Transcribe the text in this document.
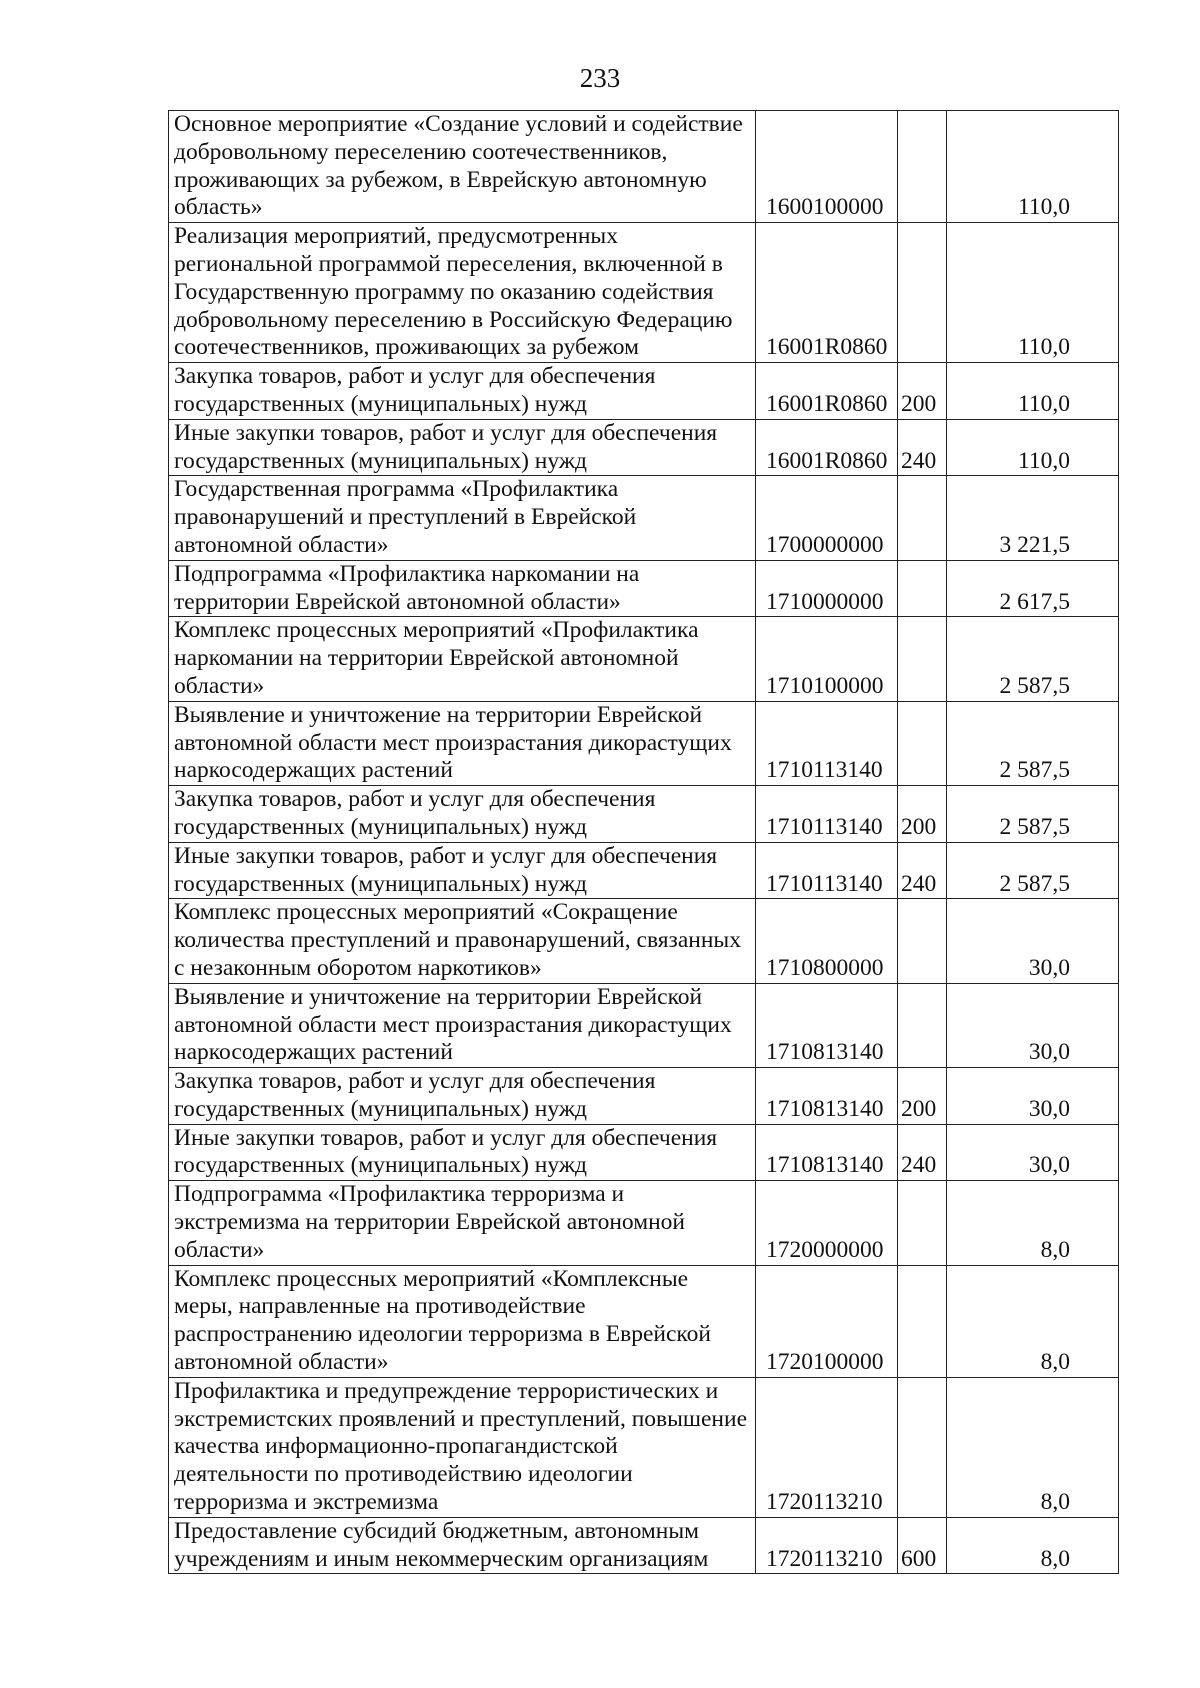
233
Основное мероприятие «Создание условий и содействие добровольному переселению соотечественников, проживающих за рубежом, в Еврейскую автономную область»	1600100000		110,0
Реализация мероприятий, предусмотренных региональной программой переселения, включенной в Государственную программу по оказанию содействия добровольному переселению в Российскую Федерацию соотечественников, проживающих за рубежом	16001R0860		110,0
Закупка товаров, работ и услуг для обеспечения государственных (муниципальных) нужд	16001R0860	200	110,0
Иные закупки товаров, работ и услуг для обеспечения государственных (муниципальных) нужд	16001R0860	240	110,0
Государственная программа «Профилактика правонарушений и преступлений в Еврейской автономной области»	1700000000		3 221,5
Подпрограмма «Профилактика наркомании на территории Еврейской автономной области»	1710000000		2 617,5
Комплекс процессных мероприятий «Профилактика наркомании на территории Еврейской автономной области»	1710100000		2 587,5
Выявление и уничтожение на территории Еврейской автономной области мест произрастания дикорастущих наркосодержащих растений	1710113140		2 587,5
Закупка товаров, работ и услуг для обеспечения государственных (муниципальных) нужд	1710113140	200	2 587,5
Иные закупки товаров, работ и услуг для обеспечения государственных (муниципальных) нужд	1710113140	240	2 587,5
Комплекс процессных мероприятий «Сокращение количества преступлений и правонарушений, связанных с незаконным оборотом наркотиков»	1710800000		30,0
Выявление и уничтожение на территории Еврейской автономной области мест произрастания дикорастущих наркосодержащих растений	1710813140		30,0
Закупка товаров, работ и услуг для обеспечения государственных (муниципальных) нужд	1710813140	200	30,0
Иные закупки товаров, работ и услуг для обеспечения государственных (муниципальных) нужд	1710813140	240	30,0
Подпрограмма «Профилактика терроризма и экстремизма на территории Еврейской автономной области»	1720000000		8,0
Комплекс процессных мероприятий «Комплексные меры, направленные на противодействие распространению идеологии терроризма в Еврейской автономной области»	1720100000		8,0
Профилактика и предупреждение террористических и экстремистских проявлений и преступлений, повышение качества информационно-пропагандистской деятельности по противодействию идеологии терроризма и экстремизма	1720113210		8,0
Предоставление субсидий бюджетным, автономным учреждениям и иным некоммерческим организациям	1720113210	600	8,0
